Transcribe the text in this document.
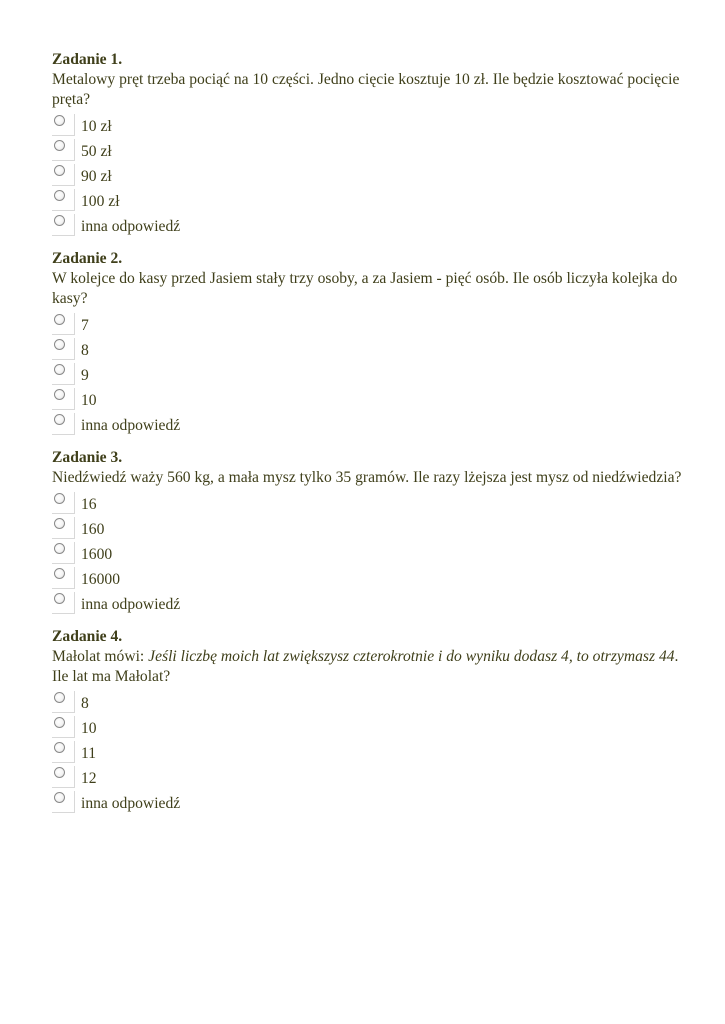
Zadanie 1.
Metalowy pręt trzeba pociąć na 10 części. Jedno cięcie kosztuje 10 zł. Ile będzie kosztować pocięcie pręta?
10 zł
50 zł
90 zł
100 zł
inna odpowiedź
Zadanie 2.
W kolejce do kasy przed Jasiem stały trzy osoby, a za Jasiem - pięć osób. Ile osób liczyła kolejka do kasy?
7
8
9
10
inna odpowiedź
Zadanie 3.
Niedźwiedź waży 560 kg, a mała mysz tylko 35 gramów. Ile razy lżejsza jest mysz od niedźwiedzia?
16
160
1600
16000
inna odpowiedź
Zadanie 4.
Małolat mówi: Jeśli liczbę moich lat zwiększysz czterokrotnie i do wyniku dodasz 4, to otrzymasz 44. Ile lat ma Małolat?
8
10
11
12
inna odpowiedź
